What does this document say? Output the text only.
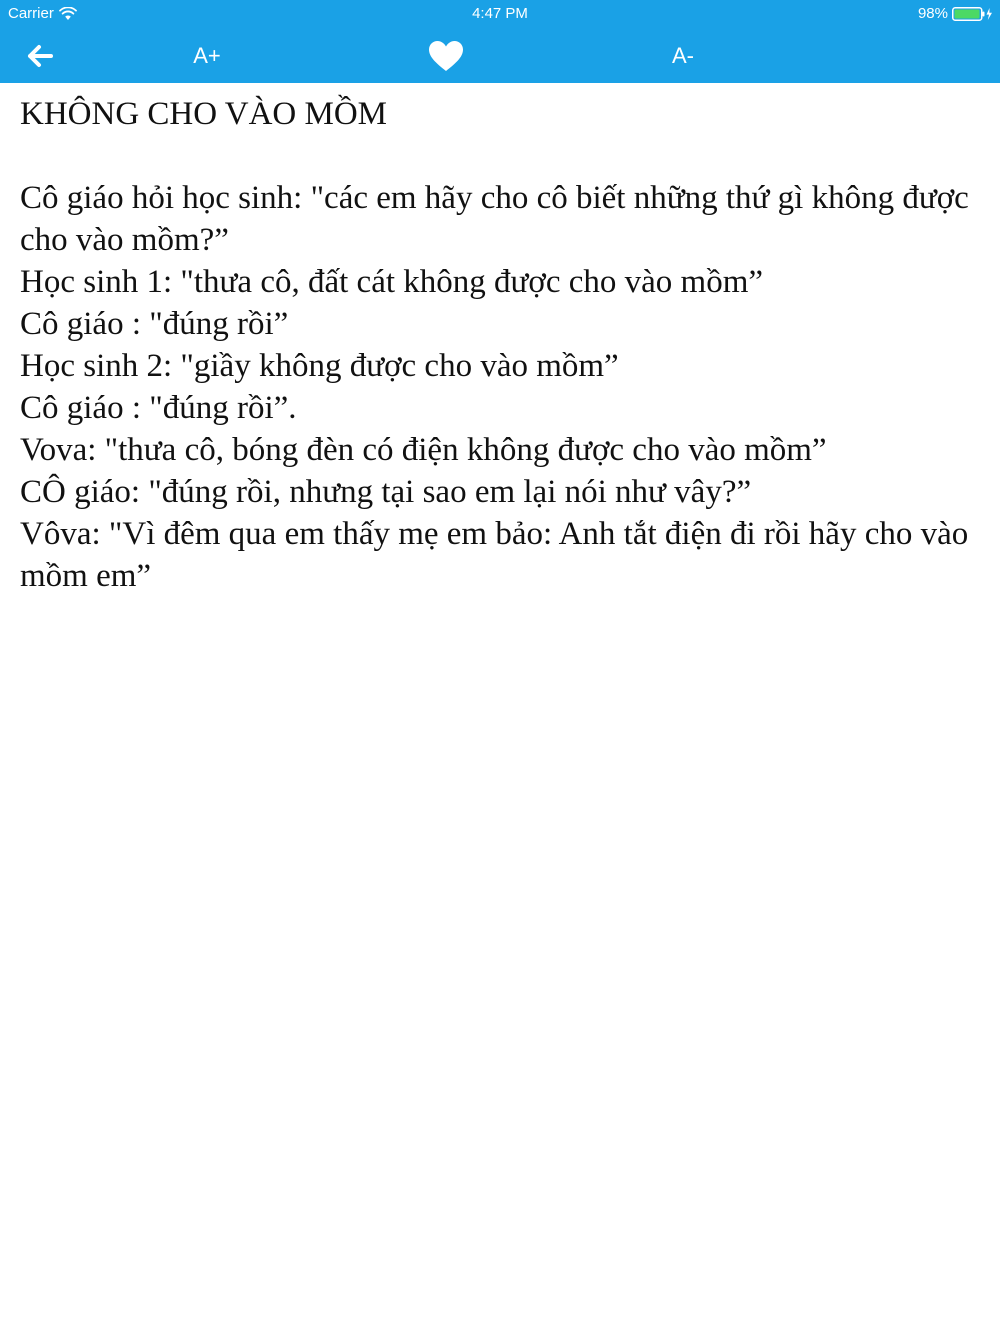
Carrier	4:47 PM	98%
A+	A-
KHÔNG CHO VÀO MỒM

Cô giáo hỏi học sinh: "các em hãy cho cô biết những thứ gì không được cho vào mồm?”

Học sinh 1: "thưa cô, đất cát không được cho vào mồm”

Cô giáo : "đúng rồi”

Học sinh 2: "giầy không được cho vào mồm”

Cô giáo : "đúng rồi”.

Vova: "thưa cô, bóng đèn có điện không được cho vào mồm”

CÔ giáo: "đúng rồi, nhưng tại sao em lại nói như vây?”

Vôva: "Vì đêm qua em thấy mẹ em bảo: Anh tắt điện đi rồi hãy cho vào mồm em”
